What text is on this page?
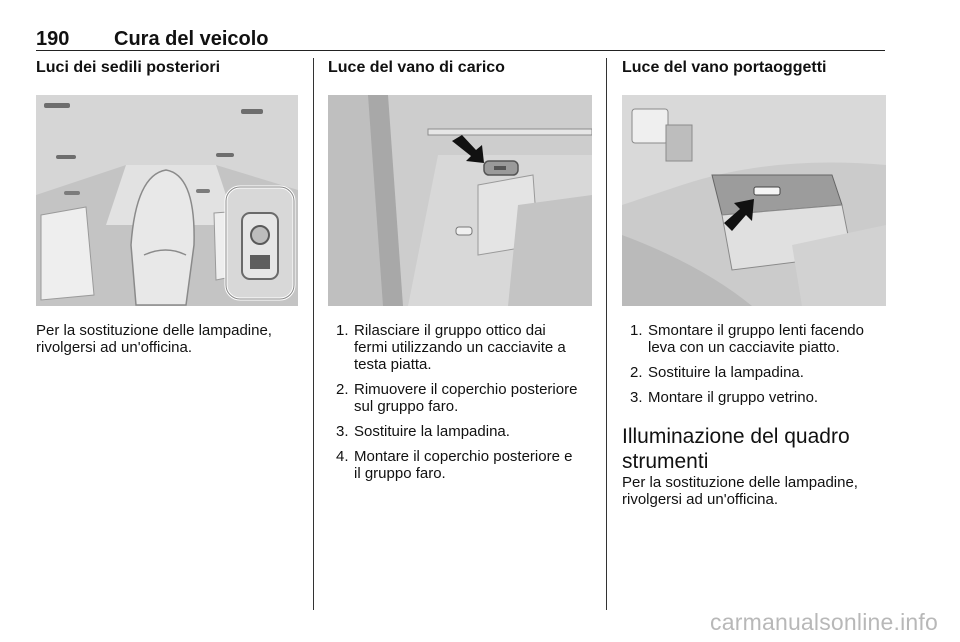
190 Cura del veicolo
Luci dei sedili posteriori

Per la sostituzione delle lampadine,
rivolgersi ad un'officina.

Luce del vano di carico
1. Rilasciare il gruppo ottico dai
fermi utilizzando un cacciavite a
testa piatta.
2. Rimuovere il coperchio posteriore
sul gruppo faro.
3. Sostituire la lampadina.
4. Montare il coperchio posteriore e
il gruppo faro.
Luce del vano portaoggetti
1. Smontare il gruppo lenti facendo
leva con un cacciavite piatto.
2. Sostituire la lampadina.
3. Montare il gruppo vetrino.
Illuminazione del quadro
strumenti

Per la sostituzione delle lampadine,
rivolgersi ad un'officina.

carmanualsonline.info
